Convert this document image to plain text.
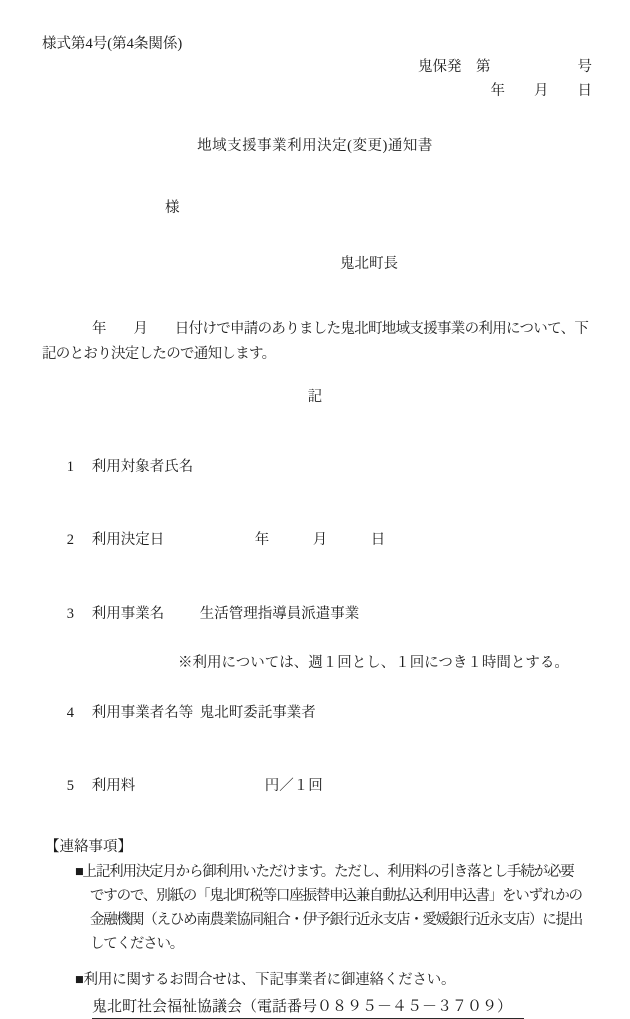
様式第4号(第4条関係)
鬼保発　第　　　　　　号
年　　月　　日
地域支援事業利用決定(変更)通知書
様
鬼北町長
年　　月　　日付けで申請のありました鬼北町地域支援事業の利用について、下
記のとおり決定したので通知します。
記

1 利用対象者氏名

2 利用決定日	年　　　月　　　日

3 利用事業名 生活管理指導員派遣事業

※利用については、週１回とし、１回につき１時間とする。

4 利用事業者名等 鬼北町委託事業者

5 利用料	円／１回

【連絡事項】
■上記利用決定月から御利用いただけます。ただし、利用料の引き落とし手続が必要
ですので、別紙の「鬼北町税等口座振替申込兼自動払込利用申込書」をいずれかの
金融機関（えひめ南農業協同組合・伊予銀行近永支店・愛媛銀行近永支店）に提出
してください。
■利用に関するお問合せは、下記事業者に御連絡ください。
鬼北町社会福祉協議会（電話番号０８９５－４５－３７０９）
